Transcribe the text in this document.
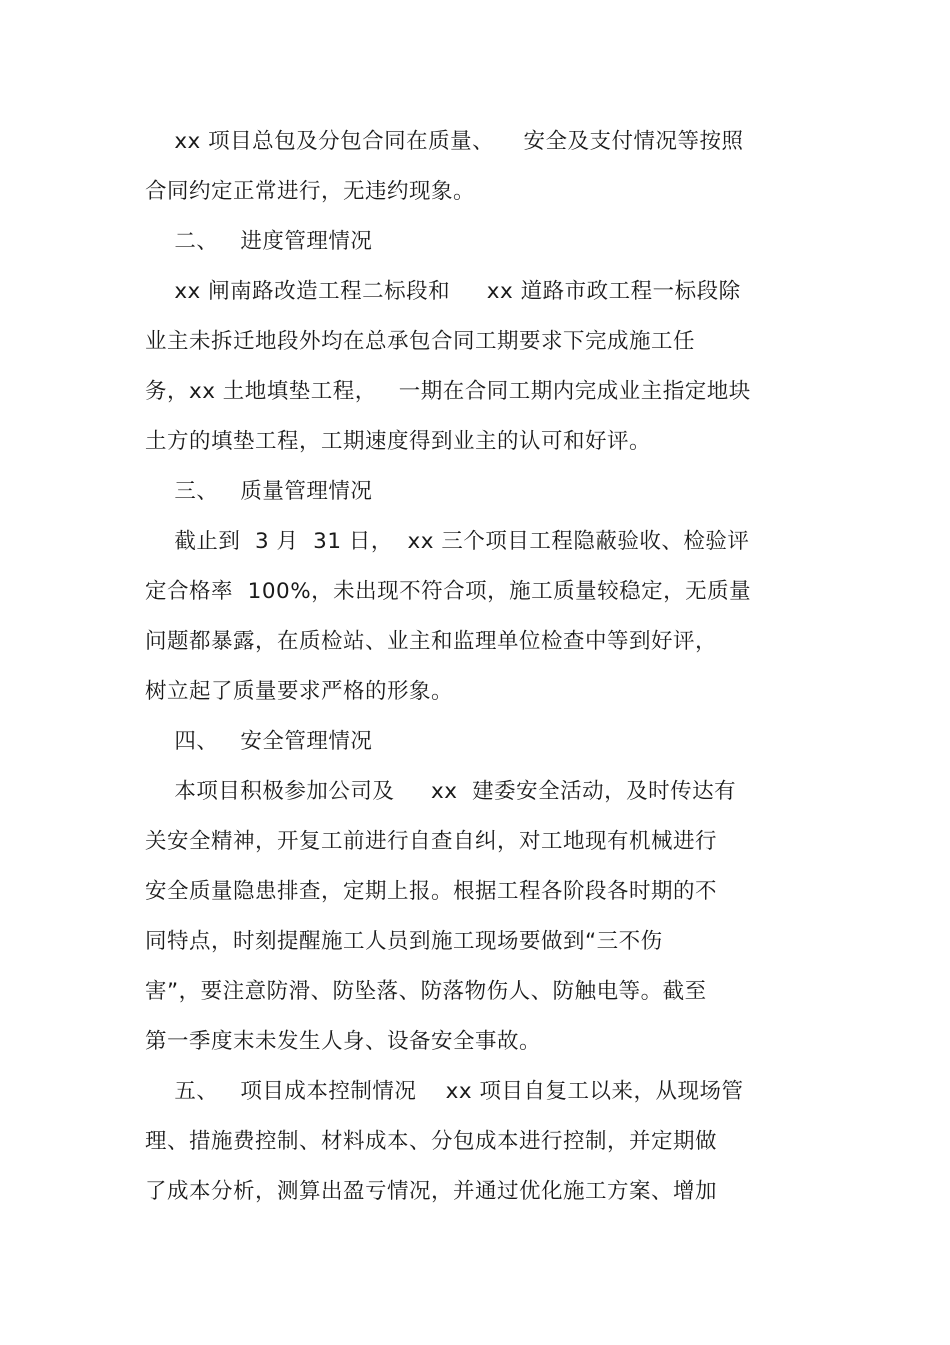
xx 项目总包及分包合同在质量、    安全及支付情况等按照
合同约定正常进行，无违约现象。
二、   进度管理情况
xx 闸南路改造工程二标段和     xx 道路市政工程一标段除
业主未拆迁地段外均在总承包合同工期要求下完成施工任
务，xx 土地填垫工程，   一期在合同工期内完成业主指定地块
土方的填垫工程，工期速度得到业主的认可和好评。
三、   质量管理情况
截止到  3 月  31 日，  xx 三个项目工程隐蔽验收、检验评
定合格率  100%，未出现不符合项，施工质量较稳定，无质量
问题都暴露，在质检站、业主和监理单位检查中等到好评，
树立起了质量要求严格的形象。
四、   安全管理情况
本项目积极参加公司及     xx  建委安全活动，及时传达有
关安全精神，开复工前进行自查自纠，对工地现有机械进行
安全质量隐患排查，定期上报。根据工程各阶段各时期的不
同特点，时刻提醒施工人员到施工现场要做到“三不伤
害”，要注意防滑、防坠落、防落物伤人、防触电等。截至
第一季度末未发生人身、设备安全事故。
五、   项目成本控制情况    xx 项目自复工以来，从现场管
理、措施费控制、材料成本、分包成本进行控制，并定期做
了成本分析，测算出盈亏情况，并通过优化施工方案、增加
